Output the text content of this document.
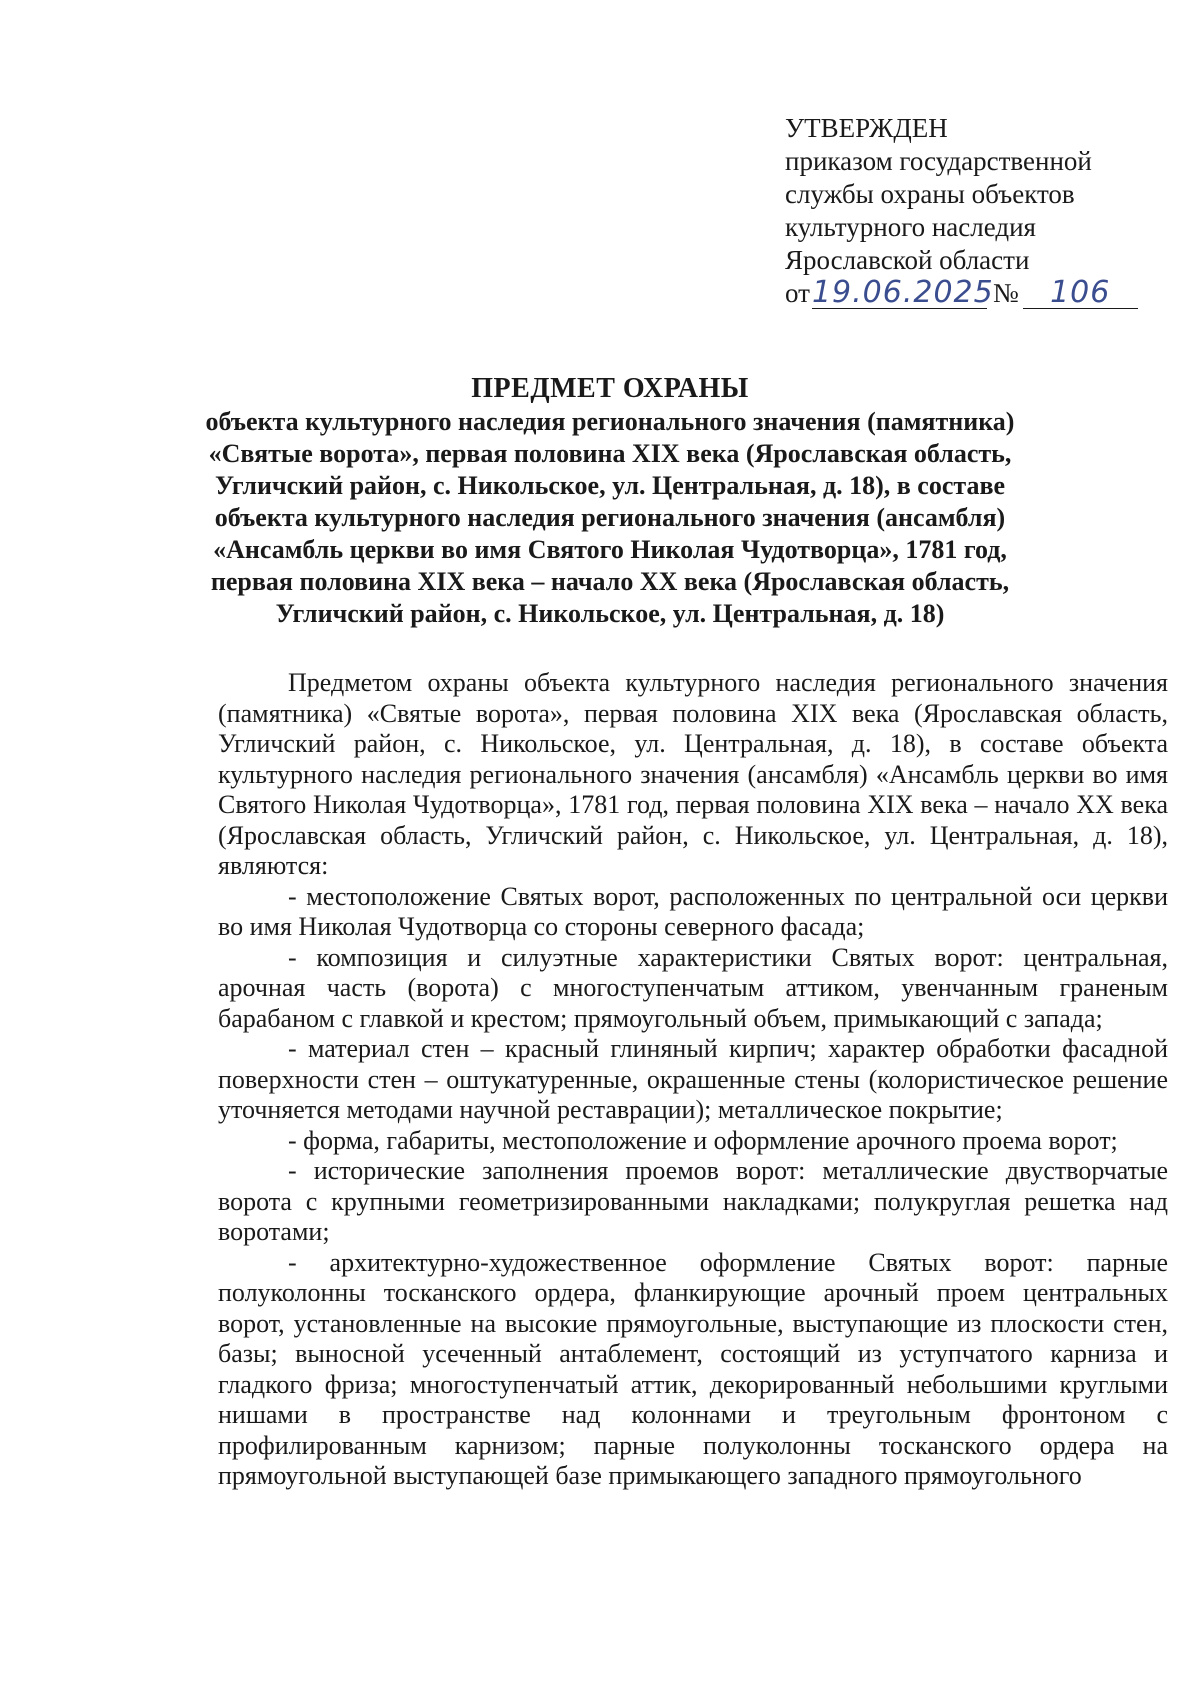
УТВЕРЖДЕН
приказом государственной
службы охраны объектов
культурного наследия
Ярославской области
от 19.06.2025 №	106
ПРЕДМЕТ ОХРАНЫ
объекта культурного наследия регионального значения (памятника)
«Святые ворота», первая половина XIX века (Ярославская область,
Угличский район, с. Никольское, ул. Центральная, д. 18), в составе
объекта культурного наследия регионального значения (ансамбля)
«Ансамбль церкви во имя Святого Николая Чудотворца», 1781 год,
первая половина XIX века – начало XX века (Ярославская область,
Угличский район, с. Никольское, ул. Центральная, д. 18)

Предметом охраны объекта культурного наследия регионального значения (памятника) «Святые ворота», первая половина XIX века (Ярославская область, Угличский район, с. Никольское, ул. Центральная, д. 18), в составе объекта культурного наследия регионального значения (ансамбля) «Ансамбль церкви во имя Святого Николая Чудотворца», 1781 год, первая половина XIX века – начало XX века (Ярославская область, Угличский район, с. Никольское, ул. Центральная, д. 18), являются:

- местоположение Святых ворот, расположенных по центральной оси церкви во имя Николая Чудотворца со стороны северного фасада;

- композиция и силуэтные характеристики Святых ворот: центральная, арочная часть (ворота) с многоступенчатым аттиком, увенчанным граненым барабаном с главкой и крестом; прямоугольный объем, примыкающий с запада;

- материал стен – красный глиняный кирпич; характер обработки фасадной поверхности стен – оштукатуренные, окрашенные стены (колористическое решение уточняется методами научной реставрации); металлическое покрытие;

- форма, габариты, местоположение и оформление арочного проема ворот;

- исторические заполнения проемов ворот: металлические двустворчатые ворота с крупными геометризированными накладками; полукруглая решетка над воротами;

- архитектурно-художественное оформление Святых ворот: парные полуколонны тосканского ордера, фланкирующие арочный проем центральных ворот, установленные на высокие прямоугольные, выступающие из плоскости стен, базы; выносной усеченный антаблемент, состоящий из уступчатого карниза и гладкого фриза; многоступенчатый аттик, декорированный небольшими круглыми нишами в пространстве над колоннами и треугольным фронтоном с профилированным карнизом; парные полуколонны тосканского ордера на прямоугольной выступающей базе примыкающего западного прямоугольного
